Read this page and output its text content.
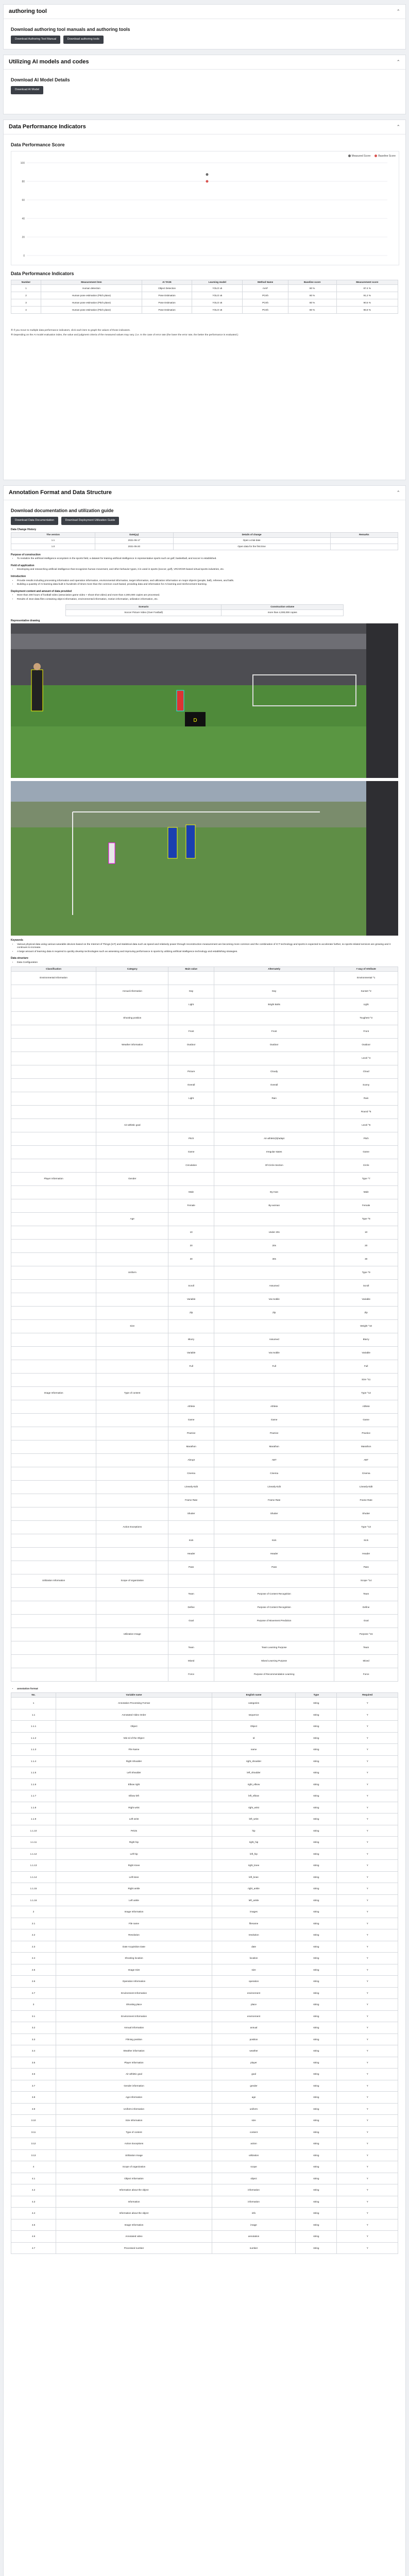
authoring tool	⌃
Download authoring tool manuals and authoring tools
Download Authoring Tool Manual	Download authoring tools
Utilizing AI models and codes	⌃
Download AI Model Details
Download AI Model
Data Performance Indicators	⌃
Data Performance Score
Measured Score	Baseline Score
100
80
60
40
20
0
Data Performance Indicators
Number	Measurement item	AI TASK	Learning model	Method Name	Baseline score	Measurement score
1	Human detection	Object Detection	YOLO v5	mAP	80 %	87.4 %
2	Human pose estimation (Pitch plane)	Pose Estimation	YOLO v5	PCKh	80 %	91.2 %
3	Human pose estimation (Pitch plane)	Pose Estimation	YOLO v5	PCKh	80 %	90.5 %
4	Human pose estimation (Pitch plane)	Pose Estimation	YOLO v5	PCKh	80 %	96.8 %
※ If you move to multiple data performance indicators, click each item to graph the values of those indicators.
※ Depending on the AI model evaluation index, the value and judgment criteria of the measured values may vary. (i.e. In the case of error rate (the lower the error rate, the better the performance is evaluated.)
Annotation Format and Data Structure	⌃
Download documentation and utilization guide
Download Data Documentation	Download Deployment Utilization Guide
Data Change History
The version	Date(yy)	Details of change	Remarks
1.1	2021-06-17	Open a trial date	
1.0	2021-05-20	Open data for the first time	
Purpose of construction
• To revitalize the artificial intelligence ecosystem in the sports field, a dataset for training artificial intelligence in representative sports such as golf, basketball, and soccer is established.
Field of application
• Developing and researching artificial intelligence that recognizes human movement, and other behavior types, it is used in sports (soccer, golf), VR/AR/XR-based virtual sports industries, etc.
Introduction
• Provide results including processing information and operation information, environmental information, target information, and utilization information on major objects (people, ball), referees, and balls.
• Building a quantity of AI learning data built in hundreds of times more than the common court-based, providing data and information for AI learning and reinforcement learning.
Deployment content and amount of data provided
• More than 200 hours of football video (association game video + shoot shot video) and more than 4,000,000 copies are processed.
• Results of Json-data files containing object information, environmental information, motion information, utilization information, etc.
Scenario	Construction volume
Soccer Picture Video (Over Football)	more than 4,000,000 copies
Representative drawing
D
Keywords
• Various physical data using various wearable devices based on the Internet of Things (IoT) and statistical data such as speed and relatively power through reconstruction measurement are becoming more common and the combination of ICT technology and sports is expected to accelerate further, so sports-related services are growing and it continues to increase.
• A large amount of learning data is required to quickly develop technologies such as assessing and improving performance in sports by utilizing artificial intelligence technology and establishing strategies.
Data structure
• Data Configuration
Classification	Category	Main value	Alternately	# way of Attribute
Environmental Information				Environmental ^1
	Annual information	Day	Day	Sunset ^2
		Light	Bright Bolts	Light
	Shooting position			Toughest ^3
		Front	Front	Front
	Weather information	Outdoor	Outdoor	Outdoor
				Level ^4
		Picture	Cloudy	Cloud
		Overall	Overall	Sunny
		Light	Rain	Rain
				Round ^5
	Air-athletic goal			Level ^6
		Pitch	Air-athletic(ti)/adapt	Pitch
		Game	Irregular states	Game
		Circulation	Of-Circle-Section	Circle
Player Information	Gender			Type ^7
		Male	By-man	Male
		Female	By-woman	Female
	Age			Type ^8
		10	Under 20s	10
		20	20s	20
		30	30s	30
	Uniform			Type ^9
		Scroll	Assumed	Scroll
		Variable	Var.mobile	Variable
		Zip	Zip	Zip
	Size			Weight ^10
		Blurry	Assumed	Blurry
		Variable	Var.mobile	Variable
		Full	Full	Full
				Size ^11
Image Information	Type of content			Type ^12
		Athlete	Athlete	Athlete
		Game	Game	Game
		Practice	Practice	Practice
		Marathon	Marathon	Marathon
		Abrupt	ABT	ABT
		Cinema	Cinema	Cinema
		Linearly-Edit	Linearly-Edit	Linearly-Edit
		Frame Rate	Frame Rate	Frame Rate
		Shutter	Shutter	Shutter
	Action Exceptions			Type ^13
		Kick	Kick	Kick
		Header	Header	Header
		Pass	Pass	Pass
Utilization Information	Scope of organization			Scope ^14
		Team	Purpose of Content Recognition	Team
		Define	Purpose of Content Recognition	Define
		Goal	Purpose of Movement Prediction	Goal
	Utilization Image			Purpose ^15
		Team	Team Learning Purpose	Team
		Mixed	Mixed Learning Purpose	Mixed
		Force	Purpose of Recommendation Learning	Force
• annotation format
No.	Variable name	English name	Type	Required
1	Annotation Processing Format	categories	string	Y
1.1	Annotated Video Order	sequence	string	Y
1.1.1	Object	Object	string	Y
1.1.2	Min-Id of the Object	Id	string	Y
1.1.3	File Name	name	string	Y
1.1.4	Right Shoulder	right_shoulder	string	Y
1.1.5	Left Shoulder	left_shoulder	string	Y
1.1.6	Elbow right	right_elbow	string	Y
1.1.7	Elbow left	left_elbow	string	Y
1.1.8	Right wrist	right_wrist	string	Y
1.1.9	Left wrist	left_wrist	string	Y
1.1.10	Pelvis	hip	string	Y
1.1.11	Right hip	right_hip	string	Y
1.1.12	Left hip	left_hip	string	Y
1.1.13	Right Knee	right_knee	string	Y
1.1.14	Left knee	left_knee	string	Y
1.1.15	Right ankle	right_ankle	string	Y
1.1.16	Left ankle	left_ankle	string	Y
2	Image Information	images	string	Y
2.1	File name	filename	string	Y
2.2	Resolution	resolution	string	Y
2.3	Date Acquisition Date	date	string	Y
2.4	Shooting location	location	string	Y
2.5	Image Size	size	string	Y
2.6	Operation Information	operation	string	Y
2.7	Environment Information	environment	string	Y
3	Shooting place	place	string	Y
3.1	Environment Information	environment	string	Y
3.2	Annual information	annual	string	Y
3.3	Filming position	position	string	Y
3.4	Weather information	weather	string	Y
3.5	Player Information	player	string	Y
3.6	Air-athletic goal	goal	string	Y
3.7	Gender information	gender	string	Y
3.8	Age information	age	string	Y
3.9	Uniform information	uniform	string	Y
3.10	Size information	size	string	Y
3.11	Type of content	content	string	Y
3.12	Action Exceptions	action	string	Y
3.13	Utilization Image	utilization	string	Y
4	Scope of organization	scope	string	Y
4.1	Object Information	object	string	Y
4.2	Information about the object	information	string	Y
4.3	Information	information	string	Y
4.4	Information about the object	info	string	Y
4.5	Image Information	image	string	Y
4.6	Annotated video	annotation	string	Y
4.7	Processed number	number	string	Y
